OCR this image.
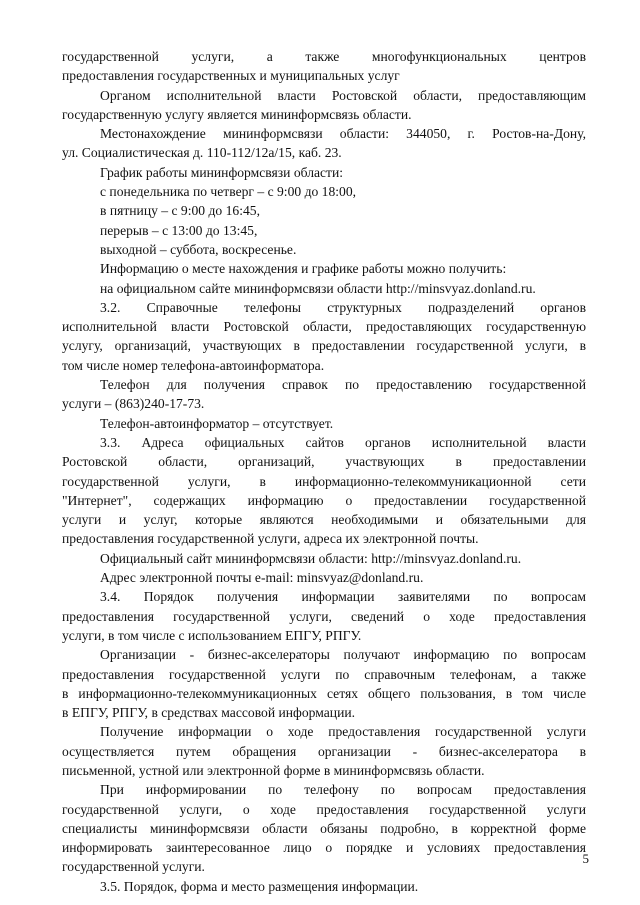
государственной услуги, а также многофункциональных центров
предоставления государственных и муниципальных услуг
Органом исполнительной власти Ростовской области, предоставляющим
государственную услугу является мининформсвязь области.
Местонахождение мининформсвязи области: 344050, г. Ростов-на-Дону,
ул. Социалистическая д. 110-112/12а/15, каб. 23.
График работы мининформсвязи области:
с понедельника по четверг – с 9:00 до 18:00,
в пятницу – с 9:00 до 16:45,
перерыв – с 13:00 до 13:45,
выходной – суббота, воскресенье.
Информацию о месте нахождения и графике работы можно получить:
на официальном сайте мининформсвязи области http://minsvyaz.donland.ru.
3.2. Справочные телефоны структурных подразделений органов
исполнительной власти Ростовской области, предоставляющих государственную
услугу, организаций, участвующих в предоставлении государственной услуги, в
том числе номер телефона-автоинформатора.
Телефон для получения справок по предоставлению государственной
услуги – (863)240-17-73.
Телефон-автоинформатор – отсутствует.
3.3. Адреса официальных сайтов органов исполнительной власти
Ростовской области, организаций, участвующих в предоставлении
государственной услуги, в информационно-телекоммуникационной сети
"Интернет", содержащих информацию о предоставлении государственной
услуги и услуг, которые являются необходимыми и обязательными для
предоставления государственной услуги, адреса их электронной почты.
Официальный сайт мининформсвязи области: http://minsvyaz.donland.ru.
Адрес электронной почты e-mail: minsvyaz@donland.ru.
3.4. Порядок получения информации заявителями по вопросам
предоставления государственной услуги, сведений о ходе предоставления
услуги, в том числе с использованием ЕПГУ, РПГУ.
Организации - бизнес-акселераторы получают информацию по вопросам
предоставления государственной услуги по справочным телефонам, а также
в информационно-телекоммуникационных сетях общего пользования, в том числе
в ЕПГУ, РПГУ, в средствах массовой информации.
Получение информации о ходе предоставления государственной услуги
осуществляется путем обращения организации - бизнес-акселератора в
письменной, устной или электронной форме в мининформсвязь области.
При информировании по телефону по вопросам предоставления
государственной услуги, о ходе предоставления государственной услуги
специалисты мининформсвязи области обязаны подробно, в корректной форме
информировать заинтересованное лицо о порядке и условиях предоставления
государственной услуги.
3.5. Порядок, форма и место размещения информации.
5
